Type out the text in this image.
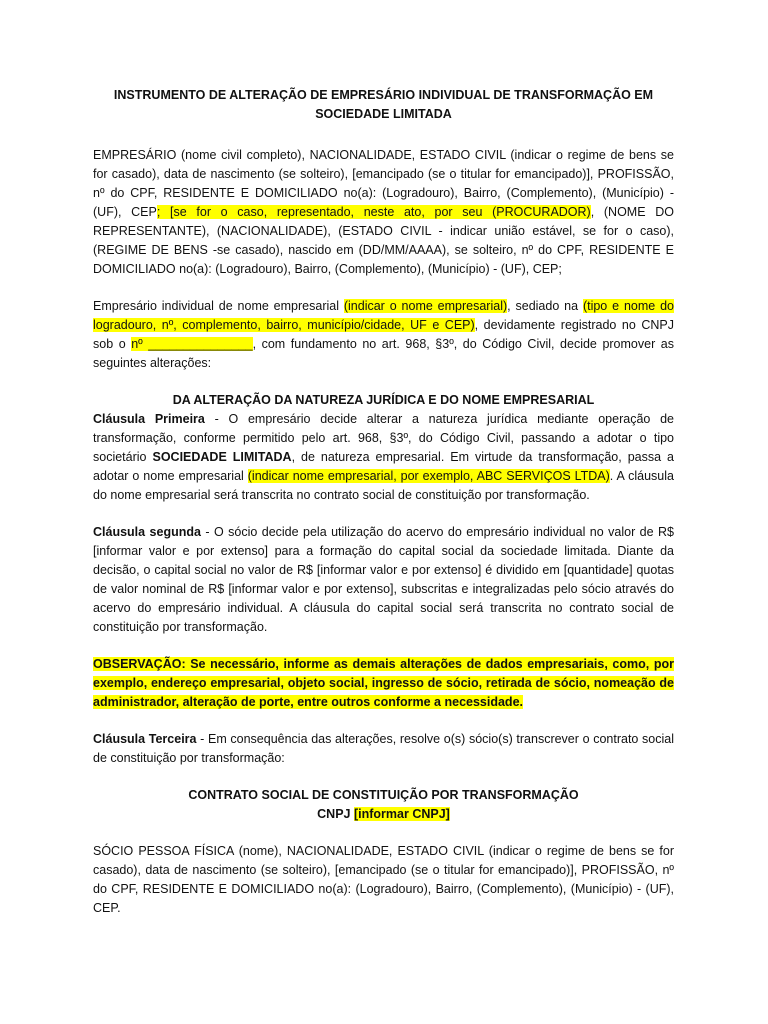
INSTRUMENTO DE ALTERAÇÃO DE EMPRESÁRIO INDIVIDUAL DE TRANSFORMAÇÃO EM
SOCIEDADE LIMITADA

EMPRESÁRIO (nome civil completo), NACIONALIDADE, ESTADO CIVIL (indicar o regime de bens se for casado), data de nascimento (se solteiro), [emancipado (se o titular for emancipado)], PROFISSÃO, nº do CPF, RESIDENTE E DOMICILIADO no(a): (Logradouro), Bairro, (Complemento), (Município) - (UF), CEP; [se for o caso, representado, neste ato, por seu (PROCURADOR), (NOME DO REPRESENTANTE), (NACIONALIDADE), (ESTADO CIVIL - indicar união estável, se for o caso), (REGIME DE BENS -se casado), nascido em (DD/MM/AAAA), se solteiro, nº do CPF, RESIDENTE E DOMICILIADO no(a): (Logradouro), Bairro, (Complemento), (Município) - (UF), CEP;

Empresário individual de nome empresarial (indicar o nome empresarial), sediado na (tipo e nome do logradouro, nº, complemento, bairro, município/cidade, UF e CEP), devidamente registrado no CNPJ sob o nº _______________, com fundamento no art. 968, §3º, do Código Civil, decide promover as seguintes alterações:

DA ALTERAÇÃO DA NATUREZA JURÍDICA E DO NOME EMPRESARIAL

Cláusula Primeira - O empresário decide alterar a natureza jurídica mediante operação de transformação, conforme permitido pelo art. 968, §3º, do Código Civil, passando a adotar o tipo societário SOCIEDADE LIMITADA, de natureza empresarial. Em virtude da transformação, passa a adotar o nome empresarial (indicar nome empresarial, por exemplo, ABC SERVIÇOS LTDA). A cláusula do nome empresarial será transcrita no contrato social de constituição por transformação.

Cláusula segunda - O sócio decide pela utilização do acervo do empresário individual no valor de R$ [informar valor e por extenso] para a formação do capital social da sociedade limitada. Diante da decisão, o capital social no valor de R$ [informar valor e por extenso] é dividido em [quantidade] quotas de valor nominal de R$ [informar valor e por extenso], subscritas e integralizadas pelo sócio através do acervo do empresário individual. A cláusula do capital social será transcrita no contrato social de constituição por transformação.

OBSERVAÇÃO: Se necessário, informe as demais alterações de dados empresariais, como, por exemplo, endereço empresarial, objeto social, ingresso de sócio, retirada de sócio, nomeação de administrador, alteração de porte, entre outros conforme a necessidade.

Cláusula Terceira - Em consequência das alterações, resolve o(s) sócio(s) transcrever o contrato social de constituição por transformação:

CONTRATO SOCIAL DE CONSTITUIÇÃO POR TRANSFORMAÇÃO
CNPJ [informar CNPJ]

SÓCIO PESSOA FÍSICA (nome), NACIONALIDADE, ESTADO CIVIL (indicar o regime de bens se for casado), data de nascimento (se solteiro), [emancipado (se o titular for emancipado)], PROFISSÃO, nº do CPF, RESIDENTE E DOMICILIADO no(a): (Logradouro), Bairro, (Complemento), (Município) - (UF), CEP.
